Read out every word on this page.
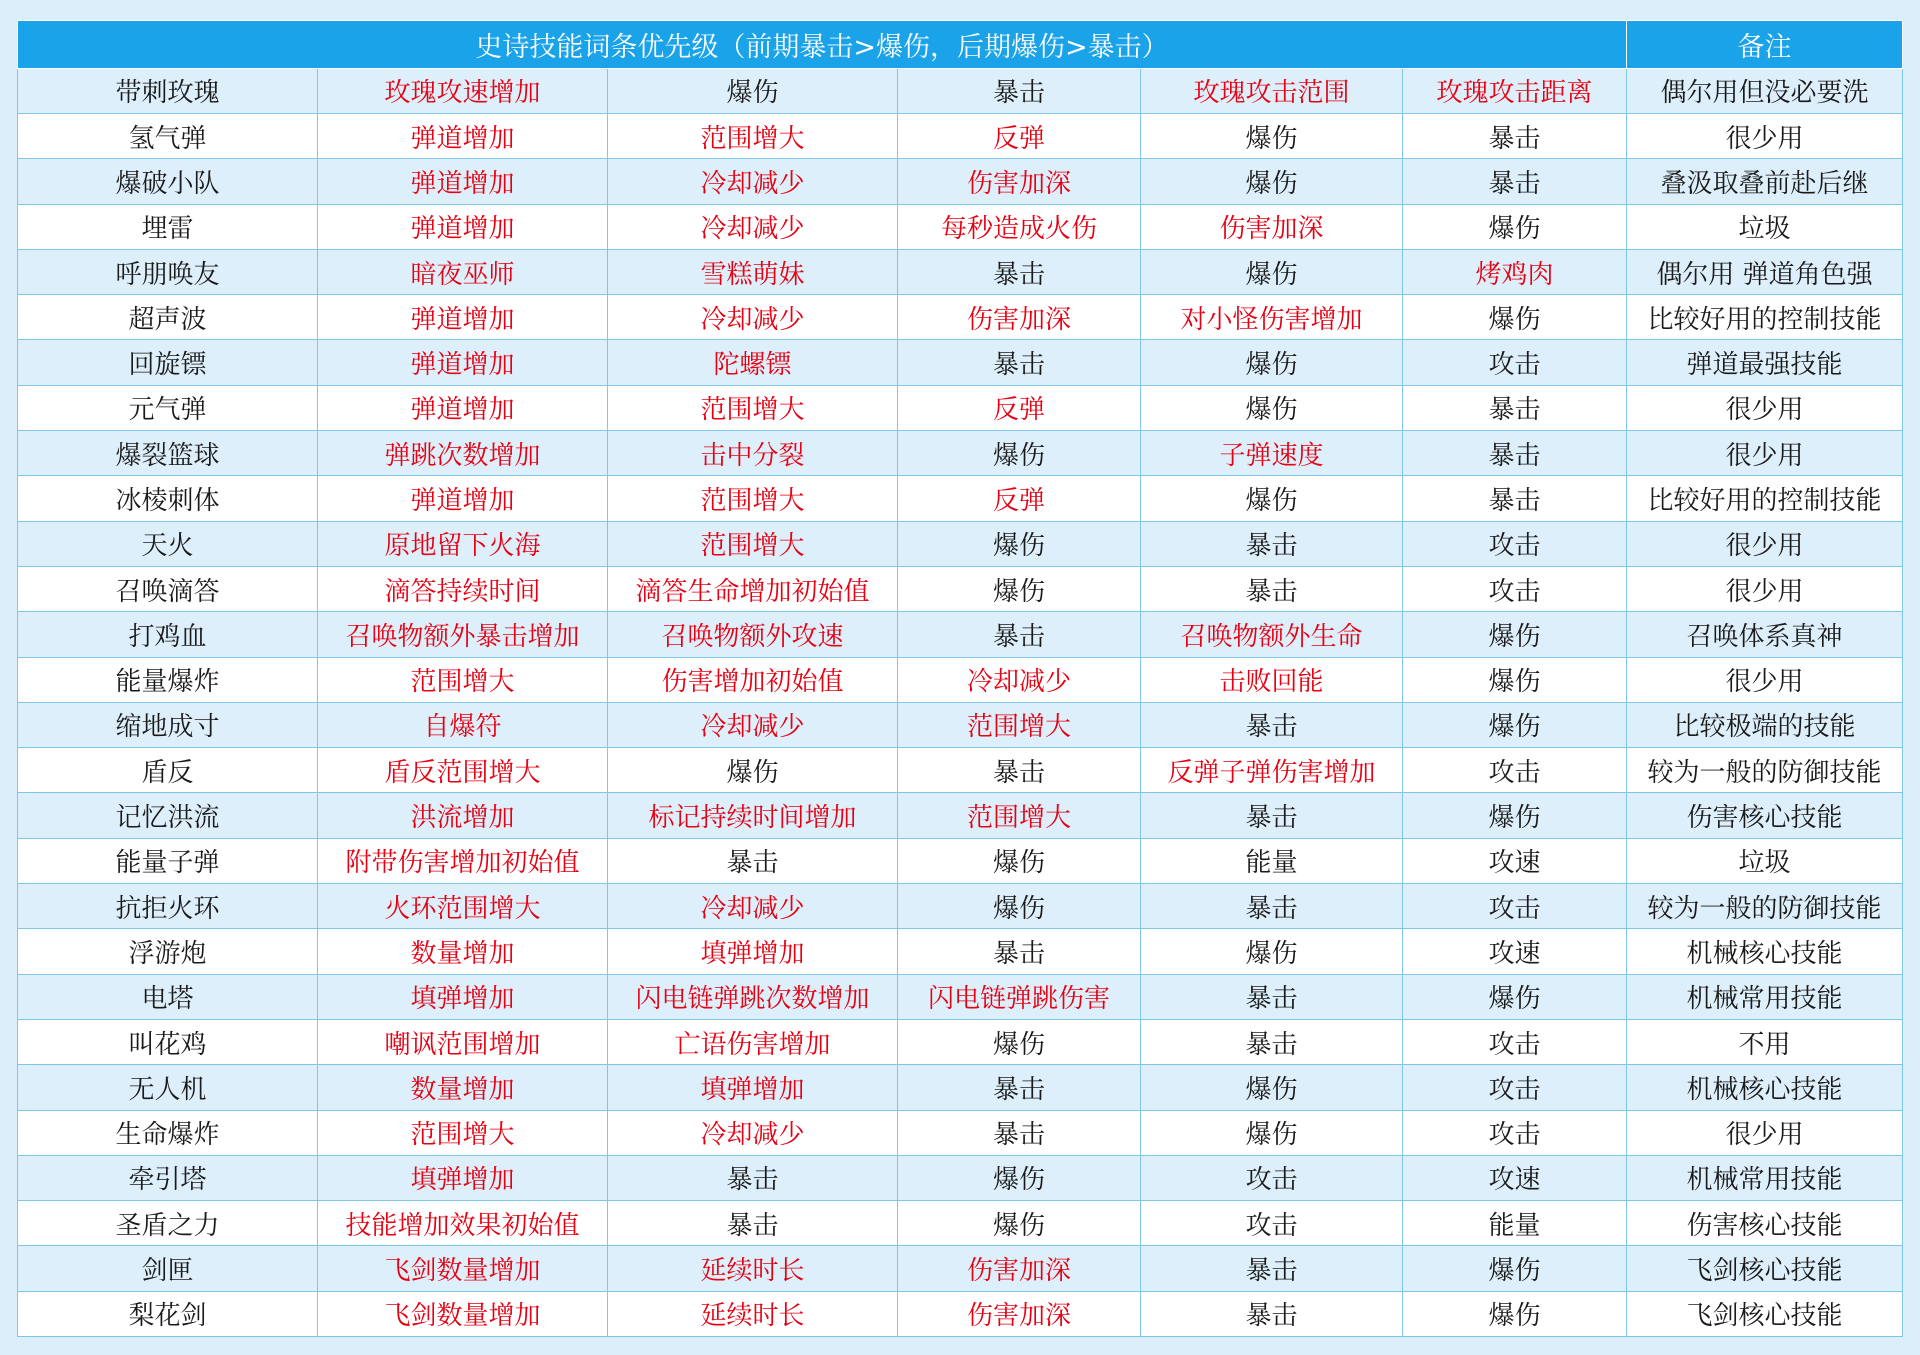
史诗技能词条优先级（前期暴击>爆伤，后期爆伤>暴击）						备注
带刺玫瑰	玫瑰攻速增加	爆伤	暴击	玫瑰攻击范围	玫瑰攻击距离	偶尔用但没必要洗
氢气弹	弹道增加	范围增大	反弹	爆伤	暴击	很少用
爆破小队	弹道增加	冷却减少	伤害加深	爆伤	暴击	叠汲取叠前赴后继
埋雷	弹道增加	冷却减少	每秒造成火伤	伤害加深	爆伤	垃圾
呼朋唤友	暗夜巫师	雪糕萌妹	暴击	爆伤	烤鸡肉	偶尔用 弹道角色强
超声波	弹道增加	冷却减少	伤害加深	对小怪伤害增加	爆伤	比较好用的控制技能
回旋镖	弹道增加	陀螺镖	暴击	爆伤	攻击	弹道最强技能
元气弹	弹道增加	范围增大	反弹	爆伤	暴击	很少用
爆裂篮球	弹跳次数增加	击中分裂	爆伤	子弹速度	暴击	很少用
冰棱刺体	弹道增加	范围增大	反弹	爆伤	暴击	比较好用的控制技能
天火	原地留下火海	范围增大	爆伤	暴击	攻击	很少用
召唤滴答	滴答持续时间	滴答生命增加初始值	爆伤	暴击	攻击	很少用
打鸡血	召唤物额外暴击增加	召唤物额外攻速	暴击	召唤物额外生命	爆伤	召唤体系真神
能量爆炸	范围增大	伤害增加初始值	冷却减少	击败回能	爆伤	很少用
缩地成寸	自爆符	冷却减少	范围增大	暴击	爆伤	比较极端的技能
盾反	盾反范围增大	爆伤	暴击	反弹子弹伤害增加	攻击	较为一般的防御技能
记忆洪流	洪流增加	标记持续时间增加	范围增大	暴击	爆伤	伤害核心技能
能量子弹	附带伤害增加初始值	暴击	爆伤	能量	攻速	垃圾
抗拒火环	火环范围增大	冷却减少	爆伤	暴击	攻击	较为一般的防御技能
浮游炮	数量增加	填弹增加	暴击	爆伤	攻速	机械核心技能
电塔	填弹增加	闪电链弹跳次数增加	闪电链弹跳伤害	暴击	爆伤	机械常用技能
叫花鸡	嘲讽范围增加	亡语伤害增加	爆伤	暴击	攻击	不用
无人机	数量增加	填弹增加	暴击	爆伤	攻击	机械核心技能
生命爆炸	范围增大	冷却减少	暴击	爆伤	攻击	很少用
牵引塔	填弹增加	暴击	爆伤	攻击	攻速	机械常用技能
圣盾之力	技能增加效果初始值	暴击	爆伤	攻击	能量	伤害核心技能
剑匣	飞剑数量增加	延续时长	伤害加深	暴击	爆伤	飞剑核心技能
梨花剑	飞剑数量增加	延续时长	伤害加深	暴击	爆伤	飞剑核心技能
